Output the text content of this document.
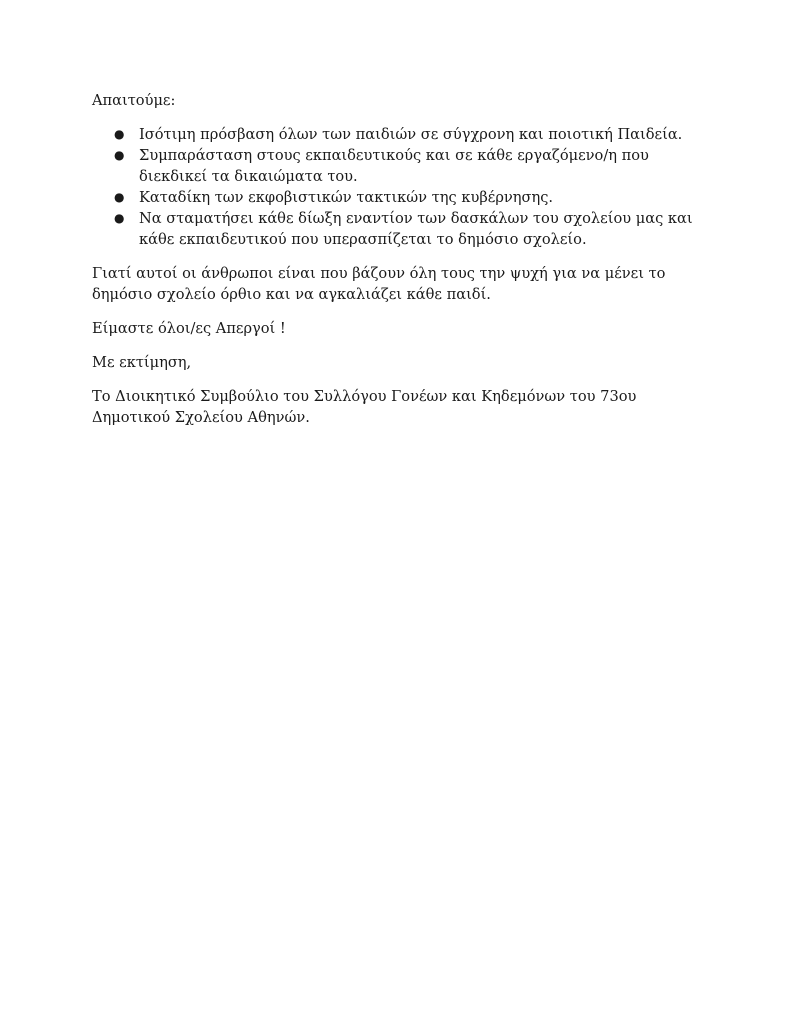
Απαιτούμε:

● Ισότιμη πρόσβαση όλων των παιδιών σε σύγχρονη και ποιοτική Παιδεία.
● Συμπαράσταση στους εκπαιδευτικούς και σε κάθε εργαζόμενο/η που διεκδικεί τα δικαιώματα του.
● Καταδίκη των εκφοβιστικών τακτικών της κυβέρνησης.
● Να σταματήσει κάθε δίωξη εναντίον των δασκάλων του σχολείου μας και κάθε εκπαιδευτικού που υπερασπίζεται το δημόσιο σχολείο.

Γιατί αυτοί οι άνθρωποι είναι που βάζουν όλη τους την ψυχή για να μένει το δημόσιο σχολείο όρθιο και να αγκαλιάζει κάθε παιδί.

Είμαστε όλοι/ες Απεργοί !

Με εκτίμηση,

Το Διοικητικό Συμβούλιο του Συλλόγου Γονέων και Κηδεμόνων του 73ου Δημοτικού Σχολείου Αθηνών.
